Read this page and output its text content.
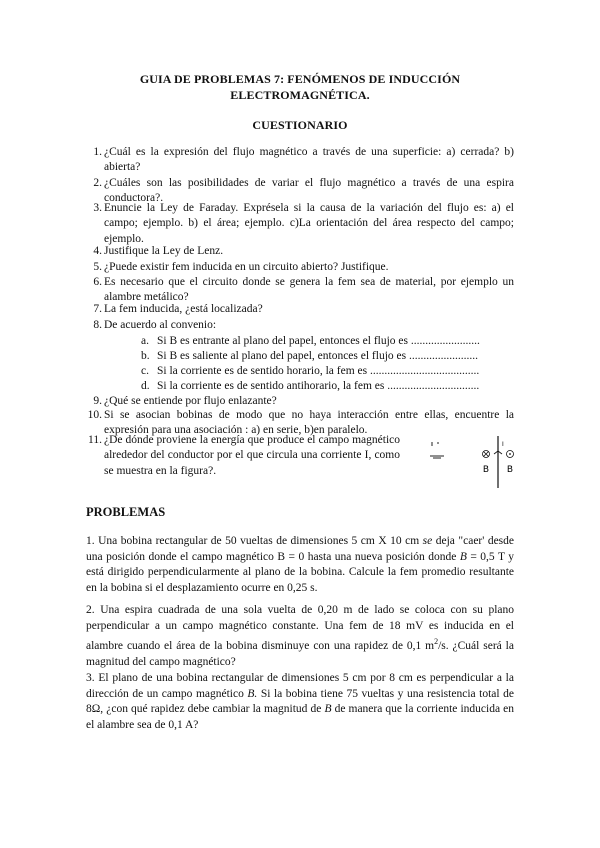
GUIA DE PROBLEMAS 7: FENÓMENOS DE INDUCCIÓN
ELECTROMAGNÉTICA.
CUESTIONARIO
1. ¿Cuál es la expresión del flujo magnético a través de una superficie: a) cerrada? b) abierta?
2. ¿Cuáles son las posibilidades de variar el flujo magnético a través de una espira conductora?.
3. Enuncie la Ley de Faraday. Exprésela si la causa de la variación del flujo es: a) el campo; ejemplo. b) el área; ejemplo. c)La orientación del área respecto del campo; ejemplo.
4. Justifique la Ley de Lenz.
5. ¿Puede existir fem inducida en un circuito abierto? Justifique.
6. Es necesario que el circuito donde se genera la fem sea de material, por ejemplo un alambre metálico?
7. La fem inducida, ¿está localizada?
8. De acuerdo al convenio:
a. Si B es entrante al plano del papel, entonces el flujo es ........................
b. Si B es saliente al plano del papel, entonces el flujo es ........................
c. Si la corriente es de sentido horario, la fem es ......................................
d. Si la corriente es de sentido antihorario, la fem es ................................
9. ¿Qué se entiende por flujo enlazante?
10. Si se asocian bobinas de modo que no haya interacción entre ellas, encuentre la expresión para una asociación : a) en serie, b)en paralelo.
11. ¿De dónde proviene la energía que produce el campo magnético alrededor del conductor por el que circula una corriente I, como se muestra en la figura?.	B B
I
PROBLEMAS
1. Una bobina rectangular de 50 vueltas de dimensiones 5 cm X 10 cm se deja "caer' desde una posición donde el campo magnético B = 0 hasta una nueva posición donde B = 0,5 T y está dirigido perpendicularmente al plano de la bobina. Calcule la fem promedio resultante en la bobina si el desplazamiento ocurre en 0,25 s.
2. Una espira cuadrada de una sola vuelta de 0,20 m de lado se coloca con su plano perpendicular a un campo magnético constante. Una fem de 18 mV es inducida en el alambre cuando el área de la bobina disminuye con una rapidez de 0,1 $m^2/s$. ¿Cuál será la magnitud del campo magnético?
3. El plano de una bobina rectangular de dimensiones 5 cm por 8 cm es perpendicular a la dirección de un campo magnético B. Si la bobina tiene 75 vueltas y una resistencia total de 8Ω, ¿con qué rapidez debe cambiar la magnitud de B de manera que la corriente inducida en el alambre sea de 0,1 A?
